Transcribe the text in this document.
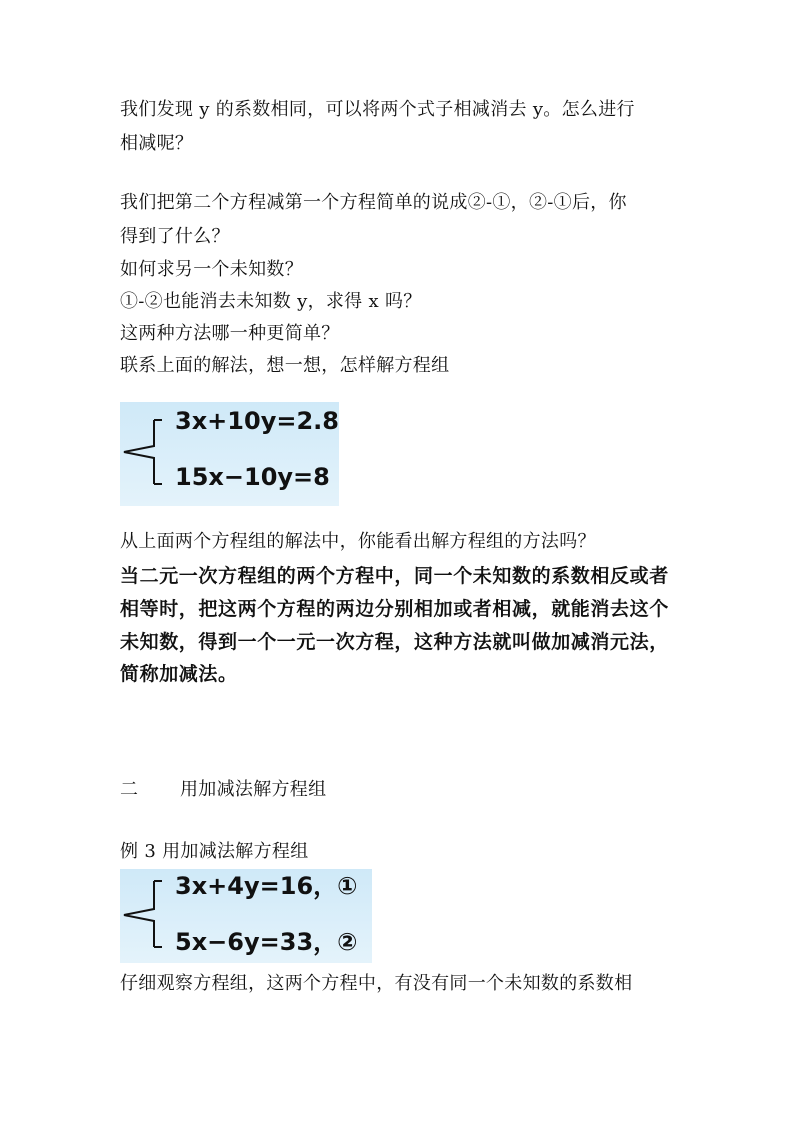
我们发现 y 的系数相同，可以将两个式子相减消去 y。怎么进行
相减呢？
我们把第二个方程减第一个方程简单的说成②-①，②-①后，你
得到了什么？
如何求另一个未知数？
①-②也能消去未知数 y，求得 x 吗？
这两种方法哪一种更简单？
联系上面的解法，想一想，怎样解方程组
3x+10y=2.8
15x−10y=8
从上面两个方程组的解法中，你能看出解方程组的方法吗？
当二元一次方程组的两个方程中，同一个未知数的系数相反或者
相等时，把这两个方程的两边分别相加或者相减，就能消去这个
未知数，得到一个一元一次方程，这种方法就叫做加减消元法，
简称加减法。
二 用加减法解方程组
例 3 用加减法解方程组
3x+4y=16，①
5x−6y=33，②
仔细观察方程组，这两个方程中，有没有同一个未知数的系数相
